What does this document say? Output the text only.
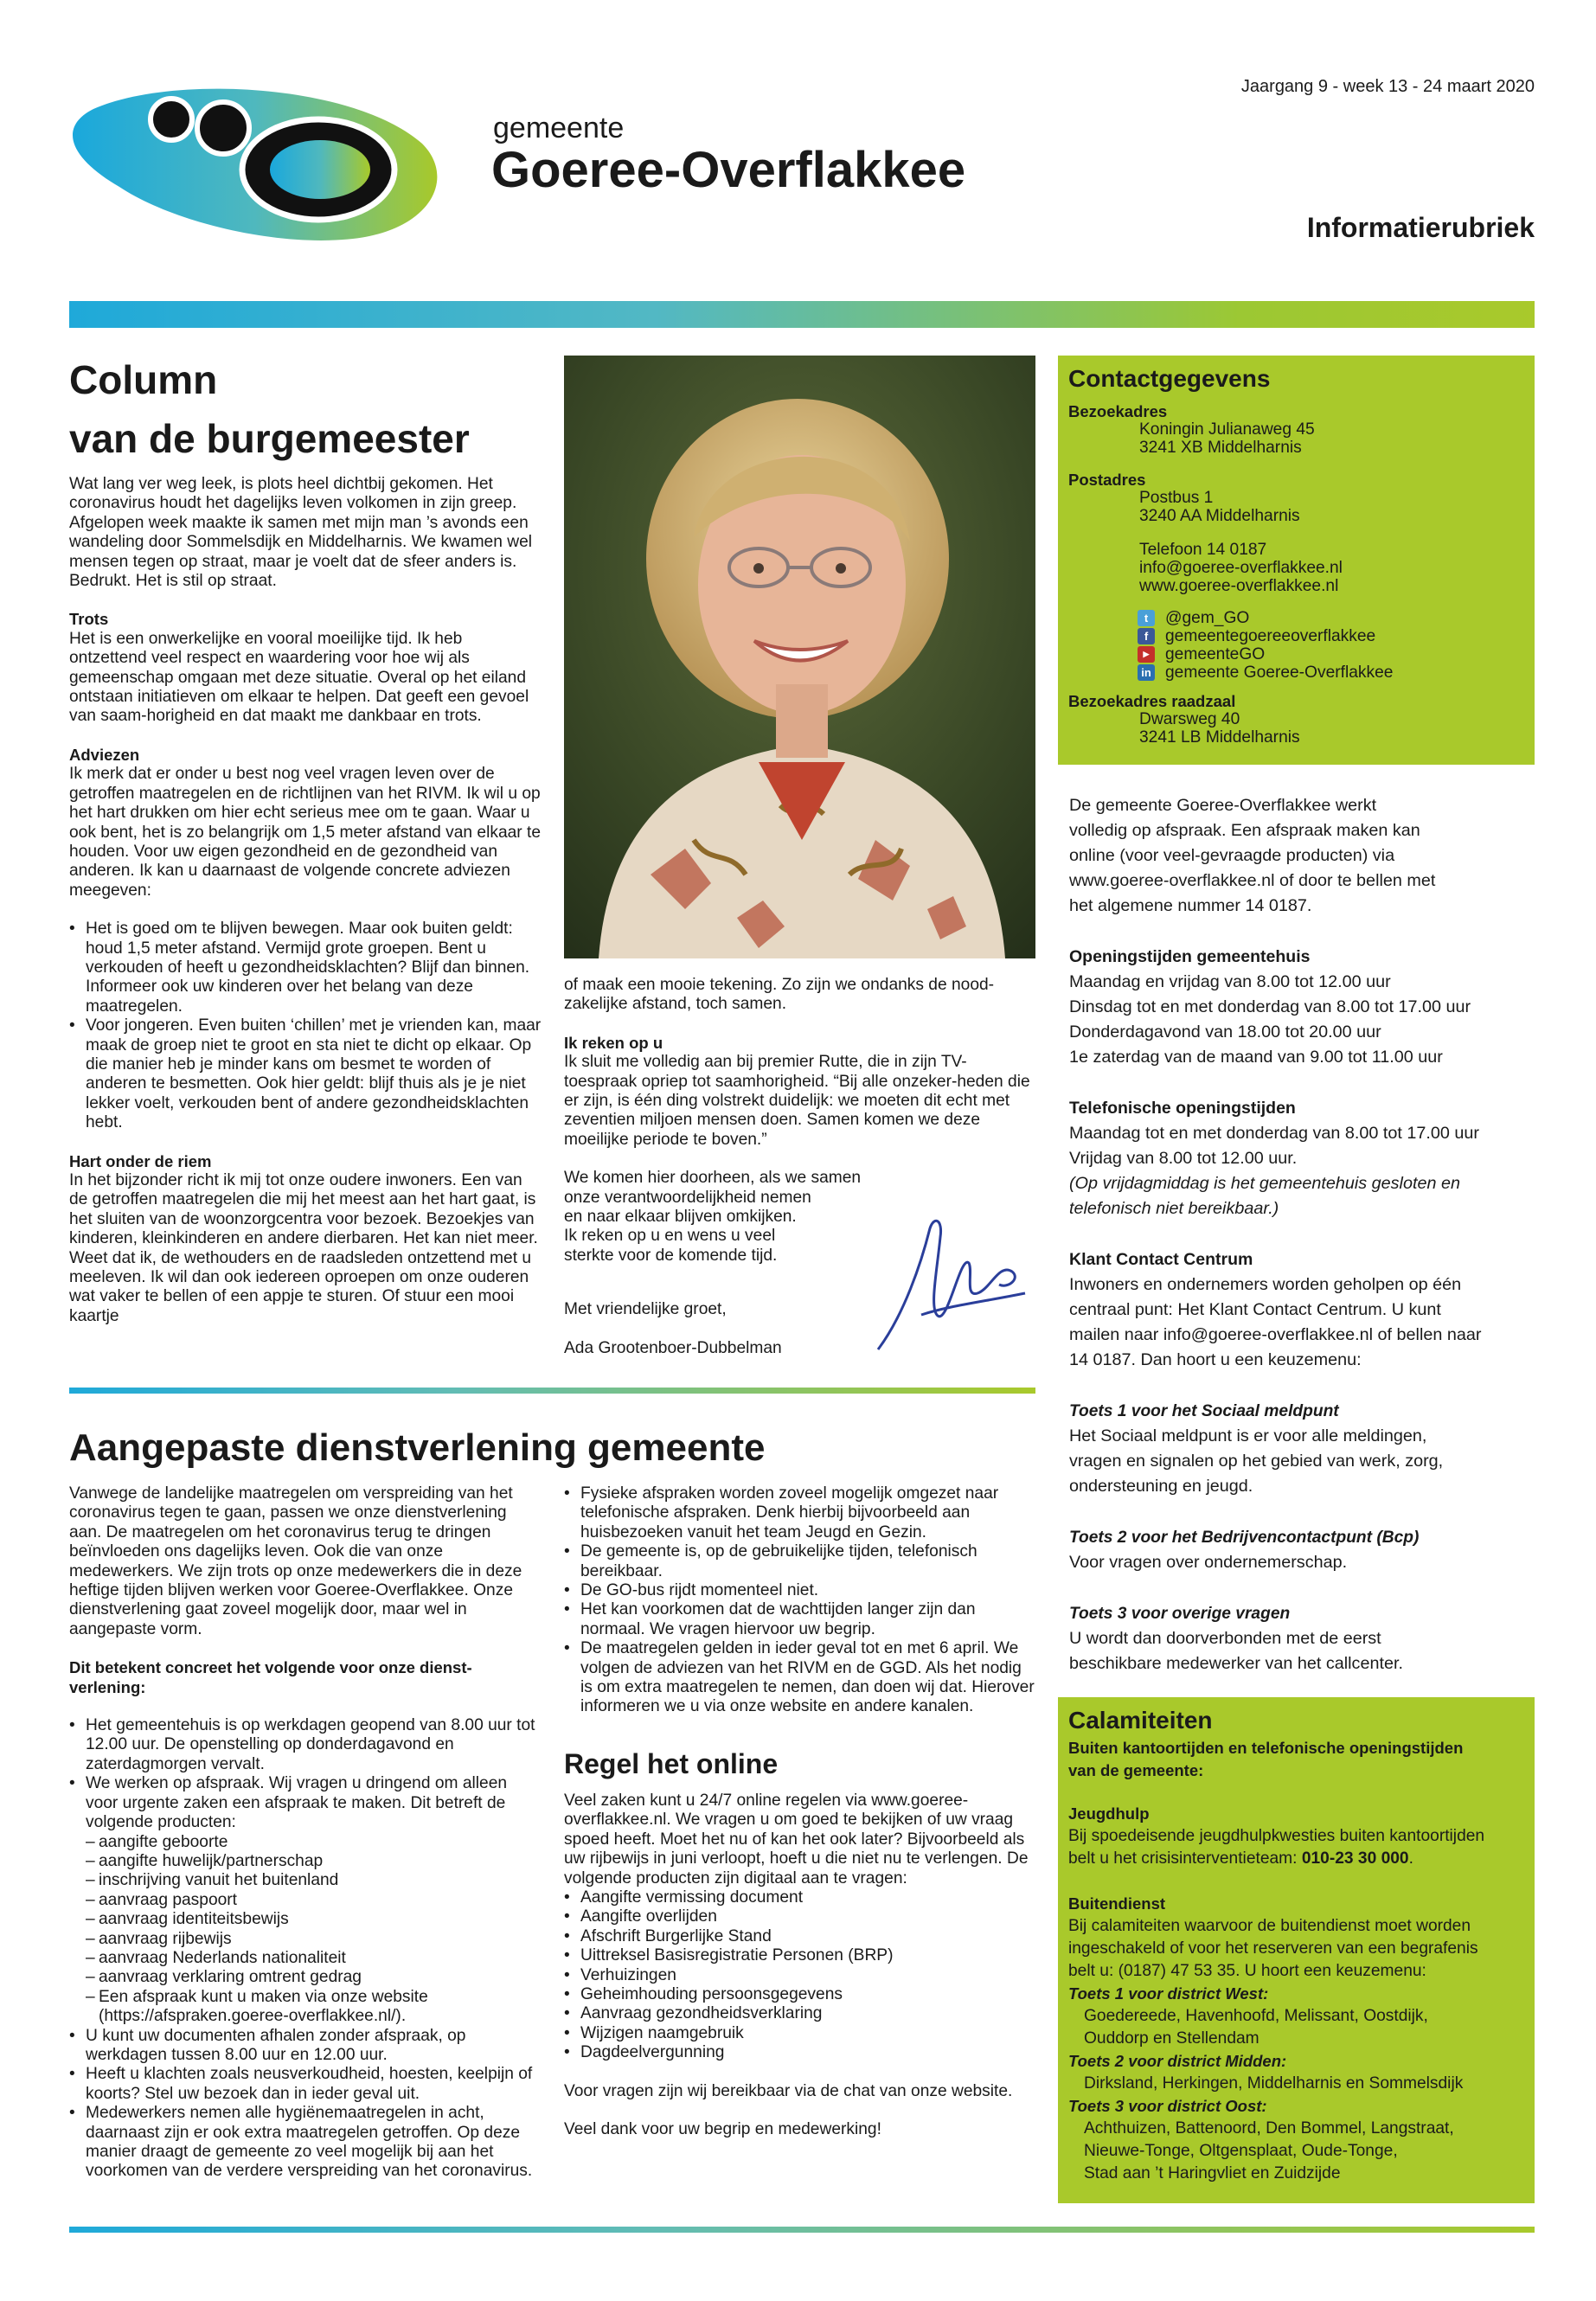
gemeente
Goeree-Overflakkee
Jaargang 9 - week 13 - 24 maart 2020
Informatierubriek
Column
van de burgemeester
Wat lang ver weg leek, is plots heel dichtbij gekomen. Het coronavirus houdt het dagelijks leven volkomen in zijn greep. Afgelopen week maakte ik samen met mijn man ’s avonds een wandeling door Sommelsdijk en Middelharnis. We kwamen wel mensen tegen op straat, maar je voelt dat de sfeer anders is. Bedrukt. Het is stil op straat.
Trots
Het is een onwerkelijke en vooral moeilijke tijd. Ik heb ontzettend veel respect en waardering voor hoe wij als gemeenschap omgaan met deze situatie. Overal op het eiland ontstaan initiatieven om elkaar te helpen. Dat geeft een gevoel van saam-horigheid en dat maakt me dankbaar en trots.
Adviezen
Ik merk dat er onder u best nog veel vragen leven over de getroffen maatregelen en de richtlijnen van het RIVM. Ik wil u op het hart drukken om hier echt serieus mee om te gaan. Waar u ook bent, het is zo belangrijk om 1,5 meter afstand van elkaar te houden. Voor uw eigen gezondheid en de gezondheid van anderen. Ik kan u daarnaast de volgende concrete adviezen meegeven:
• Het is goed om te blijven bewegen. Maar ook buiten geldt: houd 1,5 meter afstand. Vermijd grote groepen. Bent u verkouden of heeft u gezondheidsklachten? Blijf dan binnen. Informeer ook uw kinderen over het belang van deze maatregelen.
• Voor jongeren. Even buiten ‘chillen’ met je vrienden kan, maar maak de groep niet te groot en sta niet te dicht op elkaar. Op die manier heb je minder kans om besmet te worden of anderen te besmetten. Ook hier geldt: blijf thuis als je je niet lekker voelt, verkouden bent of andere gezondheidsklachten hebt.
Hart onder de riem
In het bijzonder richt ik mij tot onze oudere inwoners. Een van de getroffen maatregelen die mij het meest aan het hart gaat, is het sluiten van de woonzorgcentra voor bezoek. Bezoekjes van kinderen, kleinkinderen en andere dierbaren. Het kan niet meer. Weet dat ik, de wethouders en de raadsleden ontzettend met u meeleven. Ik wil dan ook iedereen oproepen om onze ouderen wat vaker te bellen of een appje te sturen. Of stuur een mooi kaartje
of maak een mooie tekening. Zo zijn we ondanks de nood-zakelijke afstand, toch samen.
Ik reken op u
Ik sluit me volledig aan bij premier Rutte, die in zijn TV-toespraak opriep tot saamhorigheid. “Bij alle onzeker-heden die er zijn, is één ding volstrekt duidelijk: we moeten dit echt met zeventien miljoen mensen doen. Samen komen we deze moeilijke periode te boven.”
We komen hier doorheen, als we samen
onze verantwoordelijkheid nemen
en naar elkaar blijven omkijken.
Ik reken op u en wens u veel
sterkte voor de komende tijd.
Met vriendelijke groet,
Ada Grootenboer-Dubbelman
Contactgegevens
Bezoekadres
Koningin Julianaweg 45
3241 XB Middelharnis
Postadres
Postbus 1
3240 AA Middelharnis
Telefoon 14 0187
info@goeree-overflakkee.nl
www.goeree-overflakkee.nl
t	@gem_GO
f	gemeentegoereeoverflakkee
▶ gemeenteGO
in gemeente Goeree-Overflakkee
Bezoekadres raadzaal
Dwarsweg 40
3241 LB Middelharnis
De gemeente Goeree-Overflakkee werkt
volledig op afspraak. Een afspraak maken kan
online (voor veel-gevraagde producten) via
www.goeree-overflakkee.nl of door te bellen met
het algemene nummer 14 0187.
Openingstijden gemeentehuis
Maandag en vrijdag van 8.00 tot 12.00 uur
Dinsdag tot en met donderdag van 8.00 tot 17.00 uur
Donderdagavond van 18.00 tot 20.00 uur
1e zaterdag van de maand van 9.00 tot 11.00 uur
Telefonische openingstijden
Maandag tot en met donderdag van 8.00 tot 17.00 uur
Vrijdag van 8.00 tot 12.00 uur.
(Op vrijdagmiddag is het gemeentehuis gesloten en
telefonisch niet bereikbaar.)
Klant Contact Centrum
Inwoners en ondernemers worden geholpen op één
centraal punt: Het Klant Contact Centrum. U kunt
mailen naar info@goeree-overflakkee.nl of bellen naar
14 0187. Dan hoort u een keuzemenu:
Toets 1 voor het Sociaal meldpunt
Het Sociaal meldpunt is er voor alle meldingen,
vragen en signalen op het gebied van werk, zorg,
ondersteuning en jeugd.
Toets 2 voor het Bedrijvencontactpunt (Bcp)
Voor vragen over ondernemerschap.
Toets 3 voor overige vragen
U wordt dan doorverbonden met de eerst
beschikbare medewerker van het callcenter.
Calamiteiten
Buiten kantoortijden en telefonische openingstijden
van de gemeente:
Jeugdhulp
Bij spoedeisende jeugdhulpkwesties buiten kantoortijden
belt u het crisisinterventieteam: 010-23 30 000.
Buitendienst
Bij calamiteiten waarvoor de buitendienst moet worden
ingeschakeld of voor het reserveren van een begrafenis
belt u: (0187) 47 53 35. U hoort een keuzemenu:
Toets 1 voor district West:
Goedereede, Havenhoofd, Melissant, Oostdijk,
Ouddorp en Stellendam
Toets 2 voor district Midden:
Dirksland, Herkingen, Middelharnis en Sommelsdijk
Toets 3 voor district Oost:
Achthuizen, Battenoord, Den Bommel, Langstraat,
Nieuwe-Tonge, Oltgensplaat, Oude-Tonge,
Stad aan ’t Haringvliet en Zuidzijde
Aangepaste dienstverlening gemeente
Vanwege de landelijke maatregelen om verspreiding van het coronavirus tegen te gaan, passen we onze dienstverlening aan. De maatregelen om het coronavirus terug te dringen beïnvloeden ons dagelijks leven. Ook die van onze medewerkers. We zijn trots op onze medewerkers die in deze heftige tijden blijven werken voor Goeree-Overflakkee. Onze dienstverlening gaat zoveel mogelijk door, maar wel in aangepaste vorm.
Dit betekent concreet het volgende voor onze dienst-verlening:
• Het gemeentehuis is op werkdagen geopend van 8.00 uur tot 12.00 uur. De openstelling op donderdagavond en zaterdagmorgen vervalt.
• We werken op afspraak. Wij vragen u dringend om alleen voor urgente zaken een afspraak te maken. Dit betreft de volgende producten:
– aangifte geboorte
– aangifte huwelijk/partnerschap
– inschrijving vanuit het buitenland
– aanvraag paspoort
– aanvraag identiteitsbewijs
– aanvraag rijbewijs
– aanvraag Nederlands nationaliteit
– aanvraag verklaring omtrent gedrag
– Een afspraak kunt u maken via onze website (https://afspraken.goeree-overflakkee.nl/).
• U kunt uw documenten afhalen zonder afspraak, op werkdagen tussen 8.00 uur en 12.00 uur.
• Heeft u klachten zoals neusverkoudheid, hoesten, keelpijn of koorts? Stel uw bezoek dan in ieder geval uit.
• Medewerkers nemen alle hygiënemaatregelen in acht, daarnaast zijn er ook extra maatregelen getroffen. Op deze manier draagt de gemeente zo veel mogelijk bij aan het voorkomen van de verdere verspreiding van het coronavirus.
• Fysieke afspraken worden zoveel mogelijk omgezet naar telefonische afspraken. Denk hierbij bijvoorbeeld aan huisbezoeken vanuit het team Jeugd en Gezin.
• De gemeente is, op de gebruikelijke tijden, telefonisch bereikbaar.
• De GO-bus rijdt momenteel niet.
• Het kan voorkomen dat de wachttijden langer zijn dan normaal. We vragen hiervoor uw begrip.
• De maatregelen gelden in ieder geval tot en met 6 april. We volgen de adviezen van het RIVM en de GGD. Als het nodig is om extra maatregelen te nemen, dan doen wij dat. Hierover informeren we u via onze website en andere kanalen.
Regel het online
Veel zaken kunt u 24/7 online regelen via www.goeree-overflakkee.nl. We vragen u om goed te bekijken of uw vraag spoed heeft. Moet het nu of kan het ook later? Bijvoorbeeld als uw rijbewijs in juni verloopt, hoeft u die niet nu te verlengen. De volgende producten zijn digitaal aan te vragen:
• Aangifte vermissing document
• Aangifte overlijden
• Afschrift Burgerlijke Stand
• Uittreksel Basisregistratie Personen (BRP)
• Verhuizingen
• Geheimhouding persoonsgegevens
• Aanvraag gezondheidsverklaring
• Wijzigen naamgebruik
• Dagdeelvergunning
Voor vragen zijn wij bereikbaar via de chat van onze website.
Veel dank voor uw begrip en medewerking!
